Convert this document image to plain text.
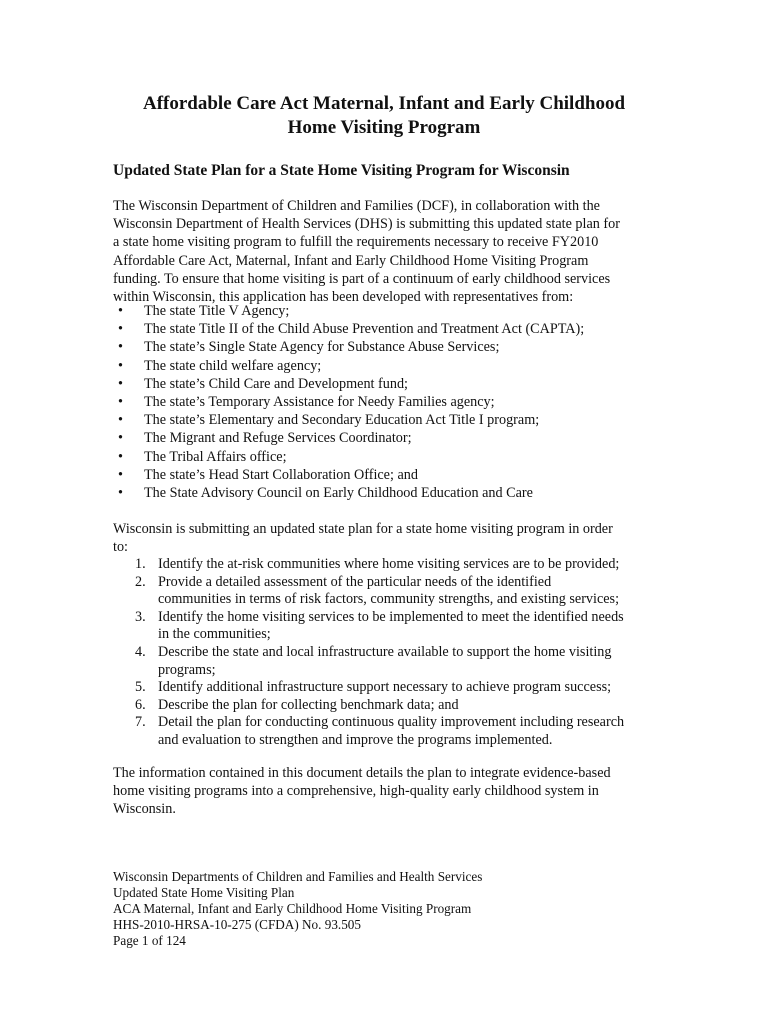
Affordable Care Act Maternal, Infant and Early Childhood
Home Visiting Program
Updated State Plan for a State Home Visiting Program for Wisconsin

The Wisconsin Department of Children and Families (DCF), in collaboration with the
Wisconsin Department of Health Services (DHS) is submitting this updated state plan for
a state home visiting program to fulfill the requirements necessary to receive FY2010
Affordable Care Act, Maternal, Infant and Early Childhood Home Visiting Program
funding. To ensure that home visiting is part of a continuum of early childhood services
within Wisconsin, this application has been developed with representatives from:

• The state Title V Agency;
• The state Title II of the Child Abuse Prevention and Treatment Act (CAPTA);
• The state’s Single State Agency for Substance Abuse Services;
• The state child welfare agency;
• The state’s Child Care and Development fund;
• The state’s Temporary Assistance for Needy Families agency;
• The state’s Elementary and Secondary Education Act Title I program;
• The Migrant and Refuge Services Coordinator;
• The Tribal Affairs office;
• The state’s Head Start Collaboration Office; and
• The State Advisory Council on Early Childhood Education and Care

Wisconsin is submitting an updated state plan for a state home visiting program in order
to:

1. Identify the at-risk communities where home visiting services are to be provided;
2. Provide a detailed assessment of the particular needs of the identified
communities in terms of risk factors, community strengths, and existing services;
3. Identify the home visiting services to be implemented to meet the identified needs
in the communities;
4. Describe the state and local infrastructure available to support the home visiting
programs;
5. Identify additional infrastructure support necessary to achieve program success;
6. Describe the plan for collecting benchmark data; and
7. Detail the plan for conducting continuous quality improvement including research
and evaluation to strengthen and improve the programs implemented.

The information contained in this document details the plan to integrate evidence-based
home visiting programs into a comprehensive, high-quality early childhood system in
Wisconsin.

Wisconsin Departments of Children and Families and Health Services
Updated State Home Visiting Plan
ACA Maternal, Infant and Early Childhood Home Visiting Program
HHS-2010-HRSA-10-275 (CFDA) No. 93.505
Page 1 of 124
